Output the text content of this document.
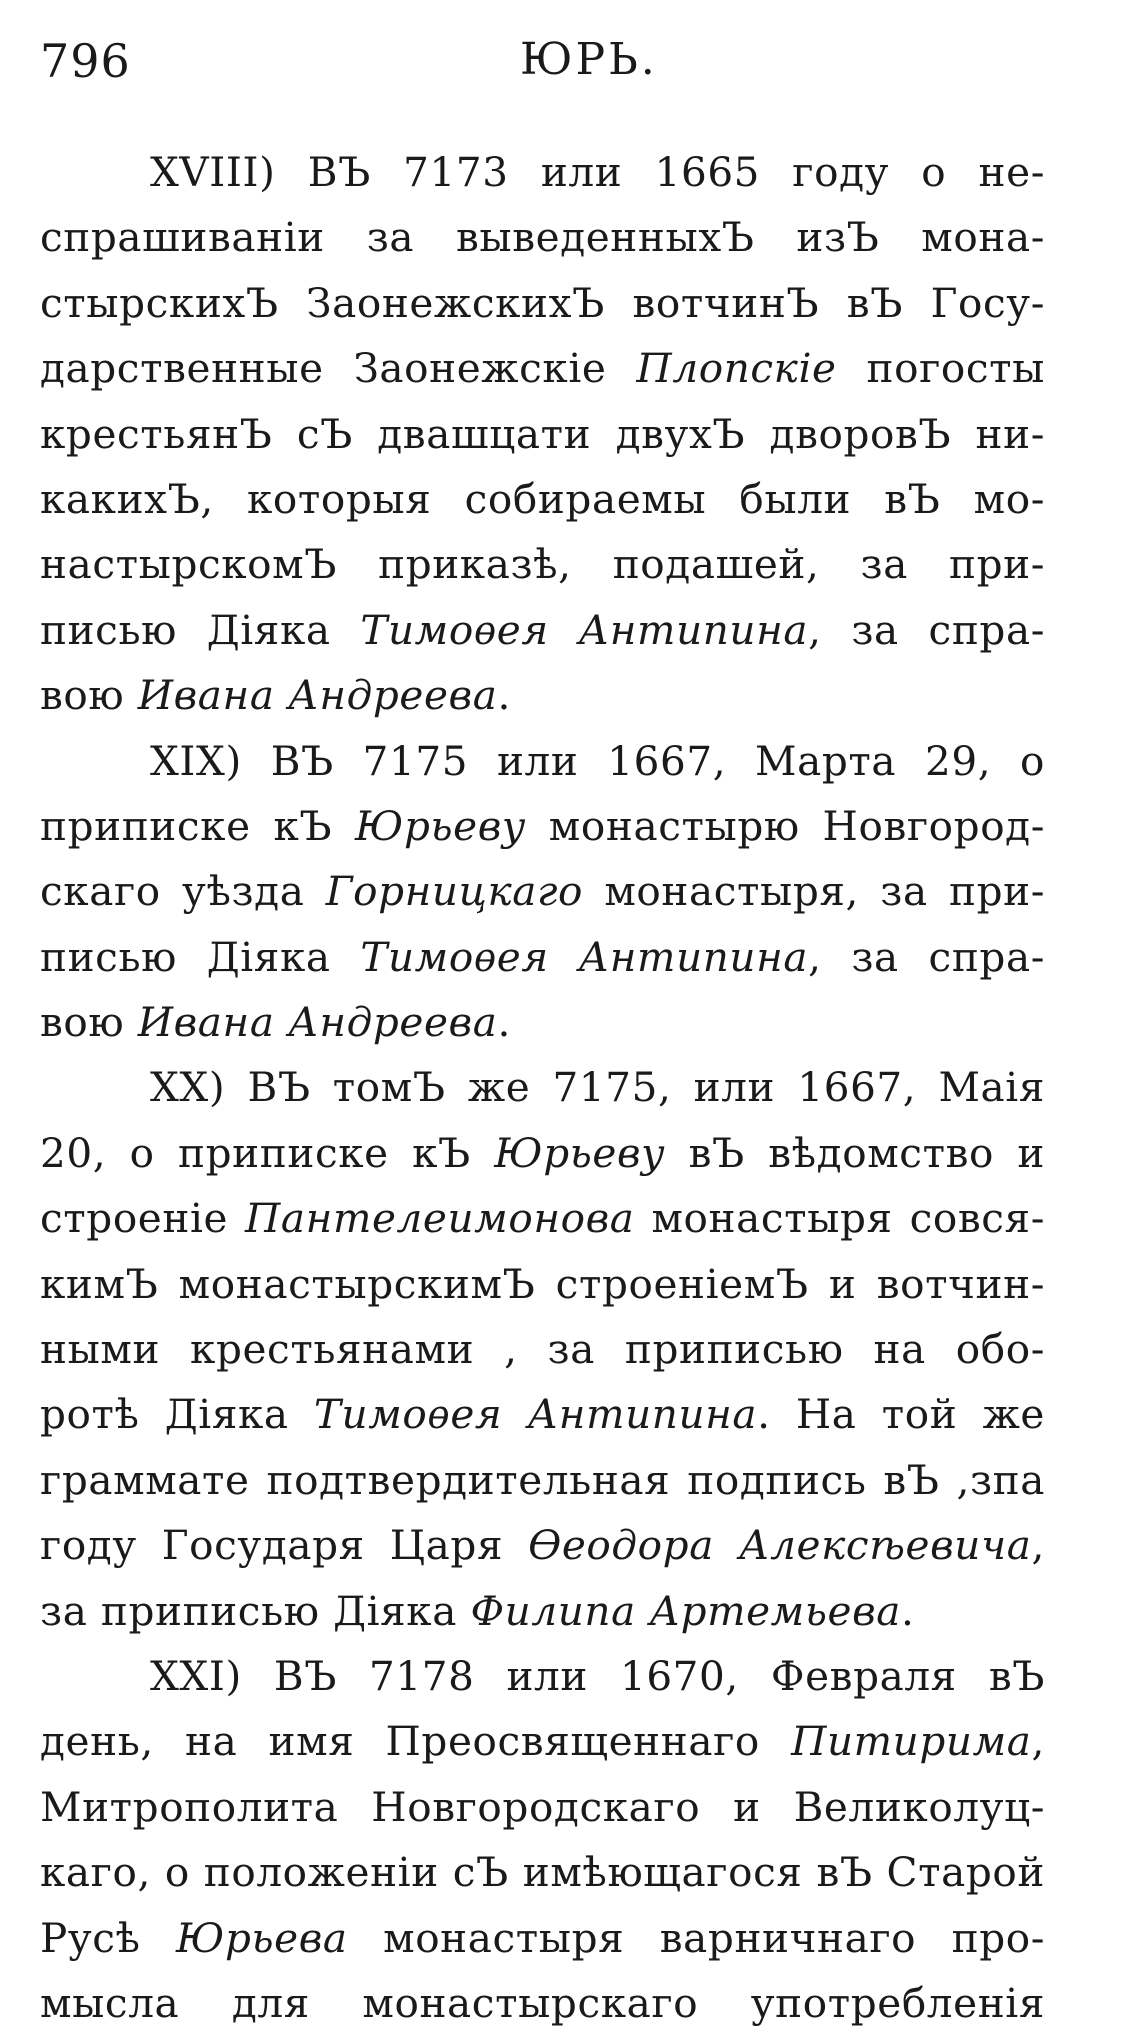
796	ЮРЬ.
XVIII) ВЪ 7173 или 1665 году о не-
спрашиваніи за выведенныхЪ изЪ мона-
стырскихЪ ЗаонежскихЪ вотчинЪ вЪ Госу-
дарственные Заонежскіе Плопскіе погосты
крестьянЪ сЪ двашцати двухЪ дворовЪ ни-
какихЪ, которыя собираемы были вЪ мо-
настырскомЪ приказѣ, подашей, за при-
писью Діяка Тимоѳея Антипина, за спра-
вою Ивана Андреева.
XIX) ВЪ 7175 или 1667, Марта 29, о
приписке кЪ Юрьеву монастырю Новгород-
скаго уѣзда Горницкаго монастыря, за при-
писью Діяка Тимоѳея Антипина, за спра-
вою Ивана Андреева.
XX) ВЪ томЪ же 7175, или 1667, Маія
20, о приписке кЪ Юрьеву вЪ вѣдомство и
строеніе Пантелеимонова монастыря совся-
кимЪ монастырскимЪ строеніемЪ и вотчин-
ными крестьянами , за приписью на обо-
ротѣ Діяка Тимоѳея Антипина. На той же
граммате подтвердительная подпись вЪ ,зпа
году Государя Царя Ѳеодора Алексѣевича,
за приписью Діяка Филипа Артемьева.
XXI) ВЪ 7178 или 1670, Февраля вЪ
день, на имя Преосвященнаго Питирима,
Митрополита Новгородскаго и Великолуц-
каго, о положеніи сЪ имѣющагося вЪ Старой
Русѣ Юрьева монастыря варничнаго про-
мысла для монастырскаго употребленія
